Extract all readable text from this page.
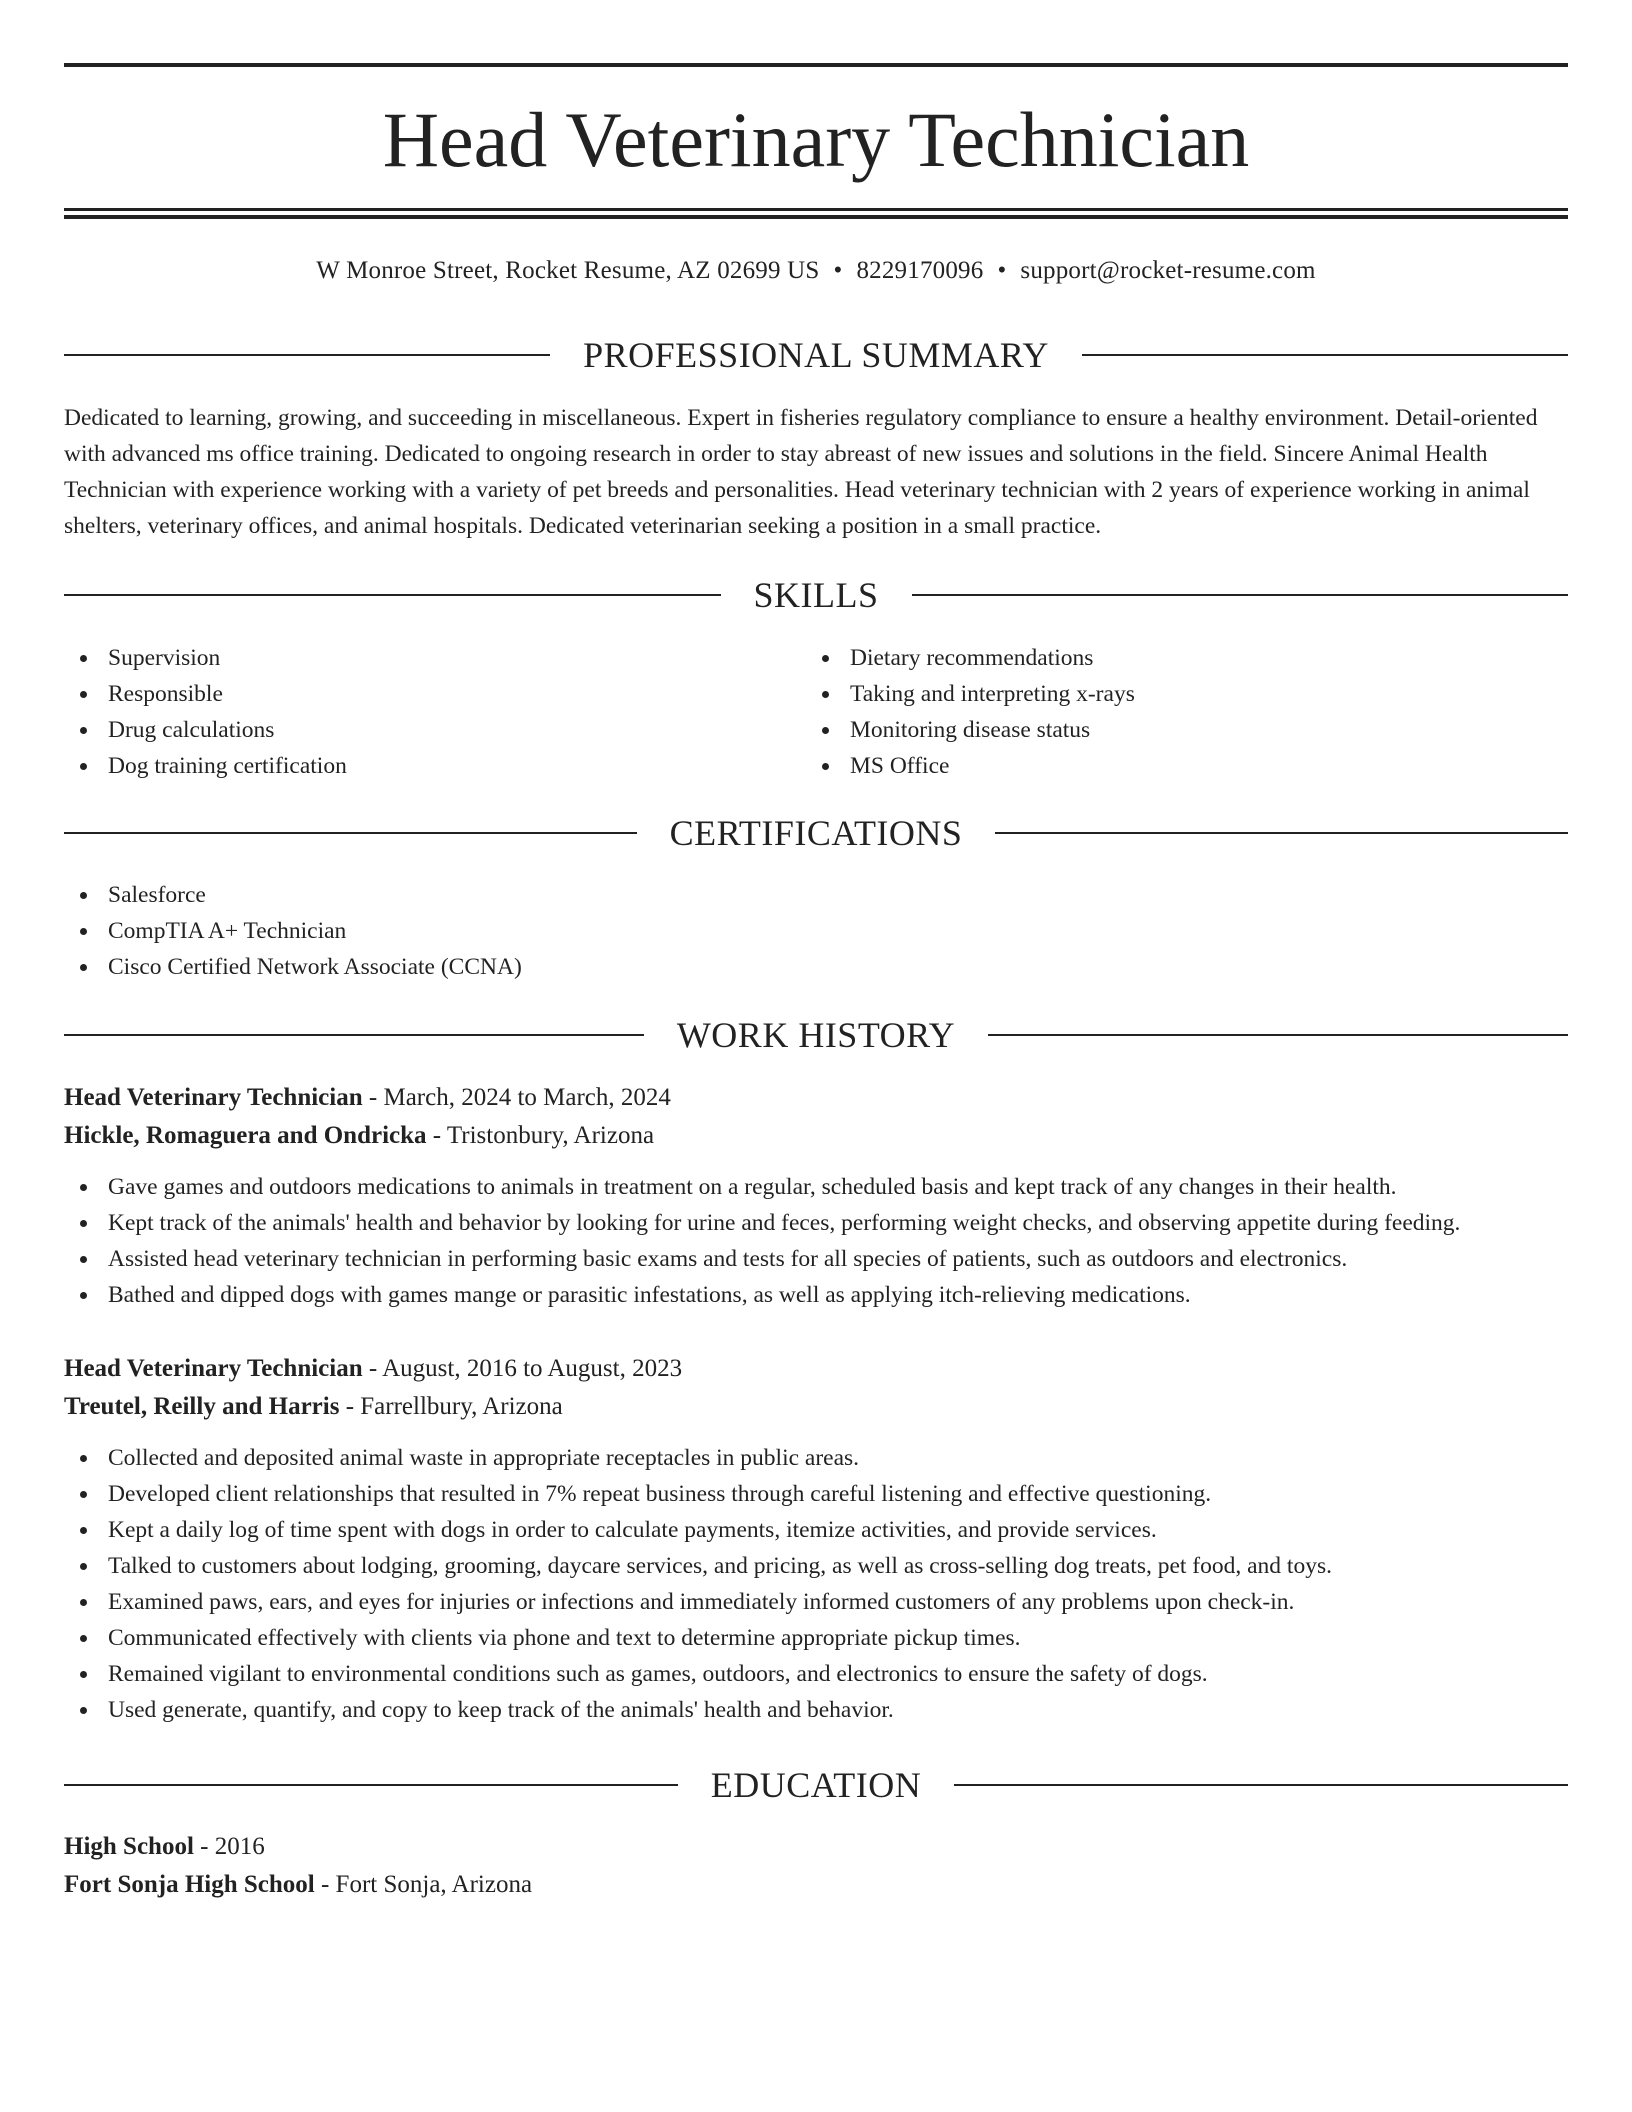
Head Veterinary Technician
W Monroe Street, Rocket Resume, AZ 02699 US • 8229170096 • support@rocket-resume.com
PROFESSIONAL SUMMARY

Dedicated to learning, growing, and succeeding in miscellaneous. Expert in fisheries regulatory compliance to ensure a healthy environment. Detail-oriented with advanced ms office training. Dedicated to ongoing research in order to stay abreast of new issues and solutions in the field. Sincere Animal Health Technician with experience working with a variety of pet breeds and personalities. Head veterinary technician with 2 years of experience working in animal shelters, veterinary offices, and animal hospitals. Dedicated veterinarian seeking a position in a small practice.

SKILLS
Supervision
Responsible
Drug calculations
Dog training certification
Dietary recommendations
Taking and interpreting x-rays
Monitoring disease status
MS Office
CERTIFICATIONS
Salesforce
CompTIA A+ Technician
Cisco Certified Network Associate (CCNA)
WORK HISTORY
Head Veterinary Technician - March, 2024 to March, 2024
Hickle, Romaguera and Ondricka - Tristonbury, Arizona
Gave games and outdoors medications to animals in treatment on a regular, scheduled basis and kept track of any changes in their health.
Kept track of the animals' health and behavior by looking for urine and feces, performing weight checks, and observing appetite during feeding.
Assisted head veterinary technician in performing basic exams and tests for all species of patients, such as outdoors and electronics.
Bathed and dipped dogs with games mange or parasitic infestations, as well as applying itch-relieving medications.
Head Veterinary Technician - August, 2016 to August, 2023
Treutel, Reilly and Harris - Farrellbury, Arizona
Collected and deposited animal waste in appropriate receptacles in public areas.
Developed client relationships that resulted in 7% repeat business through careful listening and effective questioning.
Kept a daily log of time spent with dogs in order to calculate payments, itemize activities, and provide services.
Talked to customers about lodging, grooming, daycare services, and pricing, as well as cross-selling dog treats, pet food, and toys.
Examined paws, ears, and eyes for injuries or infections and immediately informed customers of any problems upon check-in.
Communicated effectively with clients via phone and text to determine appropriate pickup times.
Remained vigilant to environmental conditions such as games, outdoors, and electronics to ensure the safety of dogs.
Used generate, quantify, and copy to keep track of the animals' health and behavior.
EDUCATION
High School - 2016
Fort Sonja High School - Fort Sonja, Arizona
